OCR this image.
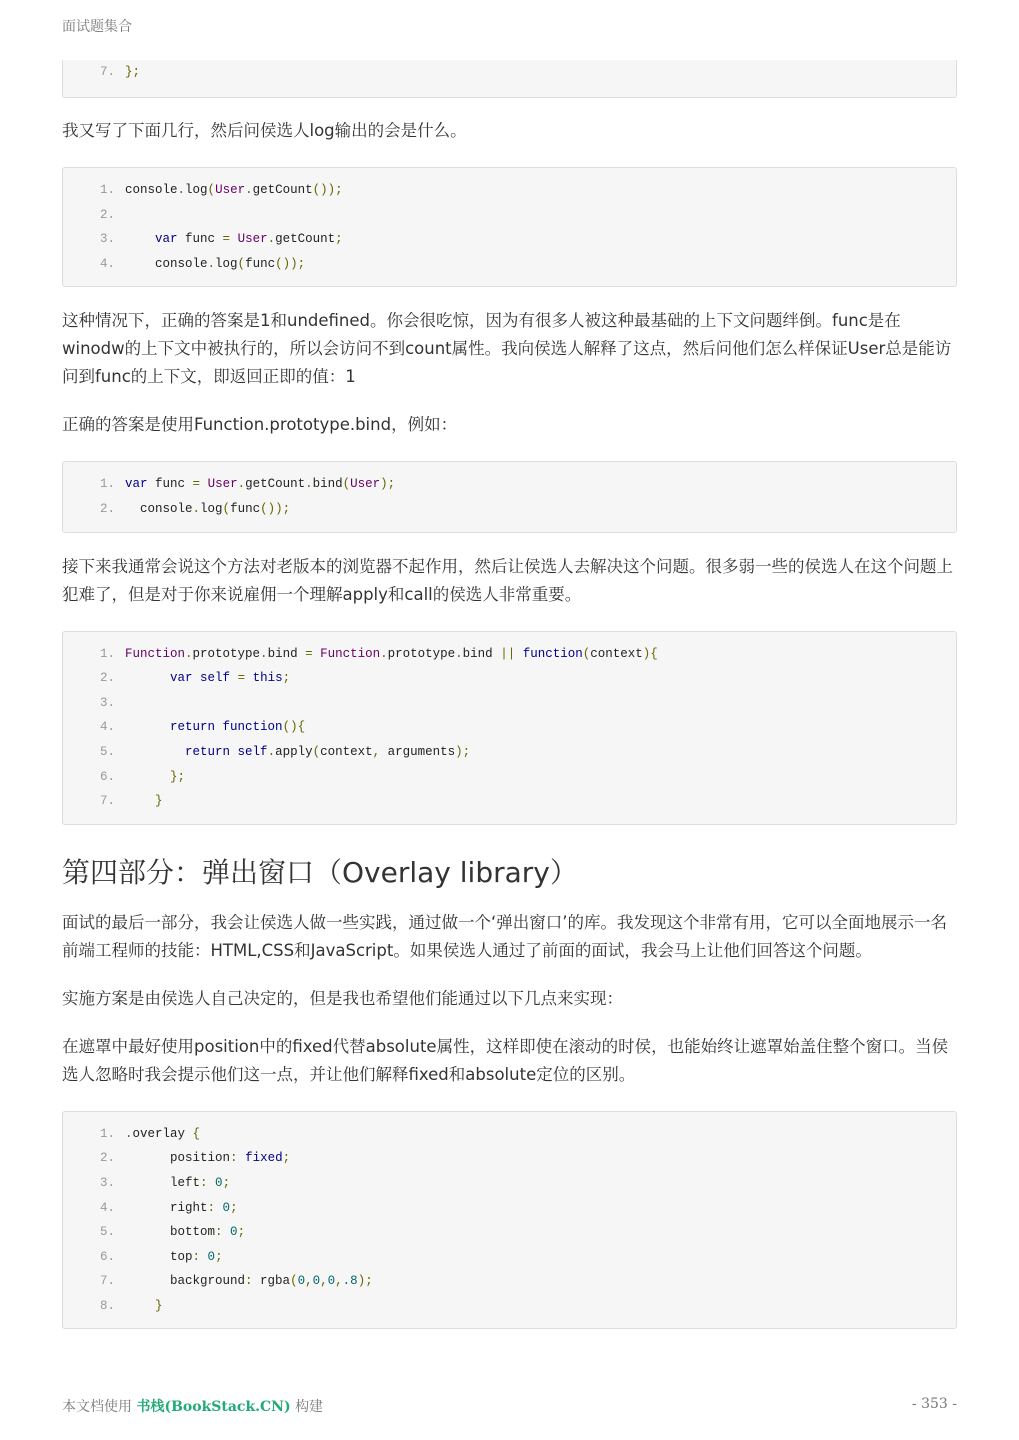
面试题集合
7. };

我又写了下面几行，然后问侯选人log输出的会是什么。

1. console.log(User.getCount());
2.
3.	var func = User.getCount;
4. console.log(func());

这种情况下，正确的答案是1和undefined。你会很吃惊，因为有很多人被这种最基础的上下文问题绊倒。func是在winodw的上下文中被执行的，所以会访问不到count属性。我向侯选人解释了这点，然后问他们怎么样保证User总是能访问到func的上下文，即返回正即的值：1

正确的答案是使用Function.prototype.bind，例如：

1. var func = User.getCount.bind(User);
2. console.log(func());

接下来我通常会说这个方法对老版本的浏览器不起作用，然后让侯选人去解决这个问题。很多弱一些的侯选人在这个问题上犯难了，但是对于你来说雇佣一个理解apply和call的侯选人非常重要。

1. Function.prototype.bind = Function.prototype.bind || function(context){
2.	var self = this;
3.
4.	return function(){
5.	return self.apply(context, arguments);
6.	};
7.	}
第四部分：弹出窗口（Overlay library）

面试的最后一部分，我会让侯选人做一些实践，通过做一个‘弹出窗口’的库。我发现这个非常有用，它可以全面地展示一名前端工程师的技能：HTML,CSS和JavaScript。如果侯选人通过了前面的面试，我会马上让他们回答这个问题。

实施方案是由侯选人自己决定的，但是我也希望他们能通过以下几点来实现：

在遮罩中最好使用position中的fixed代替absolute属性，这样即使在滚动的时侯，也能始终让遮罩始盖住整个窗口。当侯选人忽略时我会提示他们这一点，并让他们解释fixed和absolute定位的区别。

1. .overlay {
2. position: fixed;
3. left: 0;
4. right: 0;
5. bottom: 0;
6. top: 0;
7. background: rgba(0,0,0,.8);
8.	}
本文档使用 书栈(BookStack.CN) 构建	- 353 -
